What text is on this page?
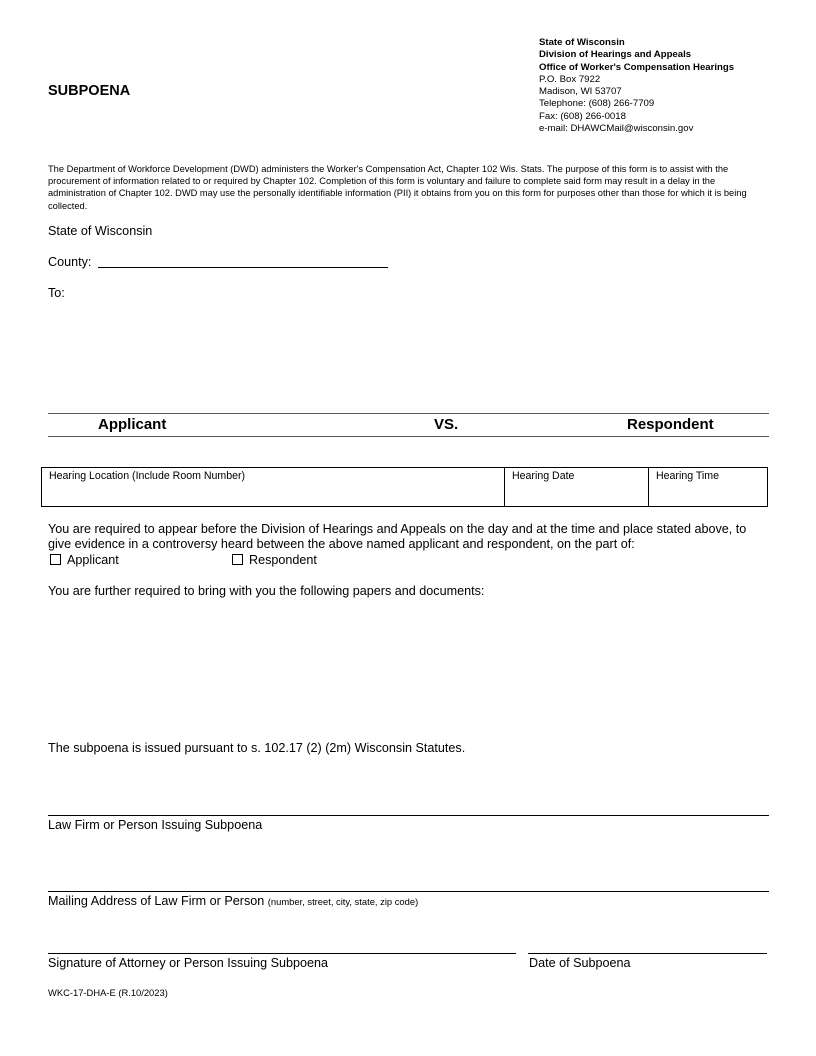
SUBPOENA
State of Wisconsin
Division of Hearings and Appeals
Office of Worker's Compensation Hearings
P.O. Box 7922
Madison, WI 53707
Telephone: (608) 266-7709
Fax: (608) 266-0018
e-mail: DHAWCMail@wisconsin.gov
The Department of Workforce Development (DWD) administers the Worker's Compensation Act, Chapter 102 Wis. Stats. The purpose of this form is to assist with the procurement of information related to or required by Chapter 102. Completion of this form is voluntary and failure to complete said form may result in a delay in the administration of Chapter 102. DWD may use the personally identifiable information (PII) it obtains from you on this form for purposes other than those for which it is being collected.
State of Wisconsin
County:
To:
Applicant	VS.	Respondent
Hearing Location (Include Room Number)	Hearing Date	Hearing Time
You are required to appear before the Division of Hearings and Appeals on the day and at the time and place stated above, to give evidence in a controversy heard between the above named applicant and respondent, on the part of:
Applicant	Respondent
You are further required to bring with you the following papers and documents:
The subpoena is issued pursuant to s. 102.17 (2) (2m) Wisconsin Statutes.
Law Firm or Person Issuing Subpoena
Mailing Address of Law Firm or Person (number, street, city, state, zip code)
Signature of Attorney or Person Issuing Subpoena	Date of Subpoena
WKC-17-DHA-E (R.10/2023)
